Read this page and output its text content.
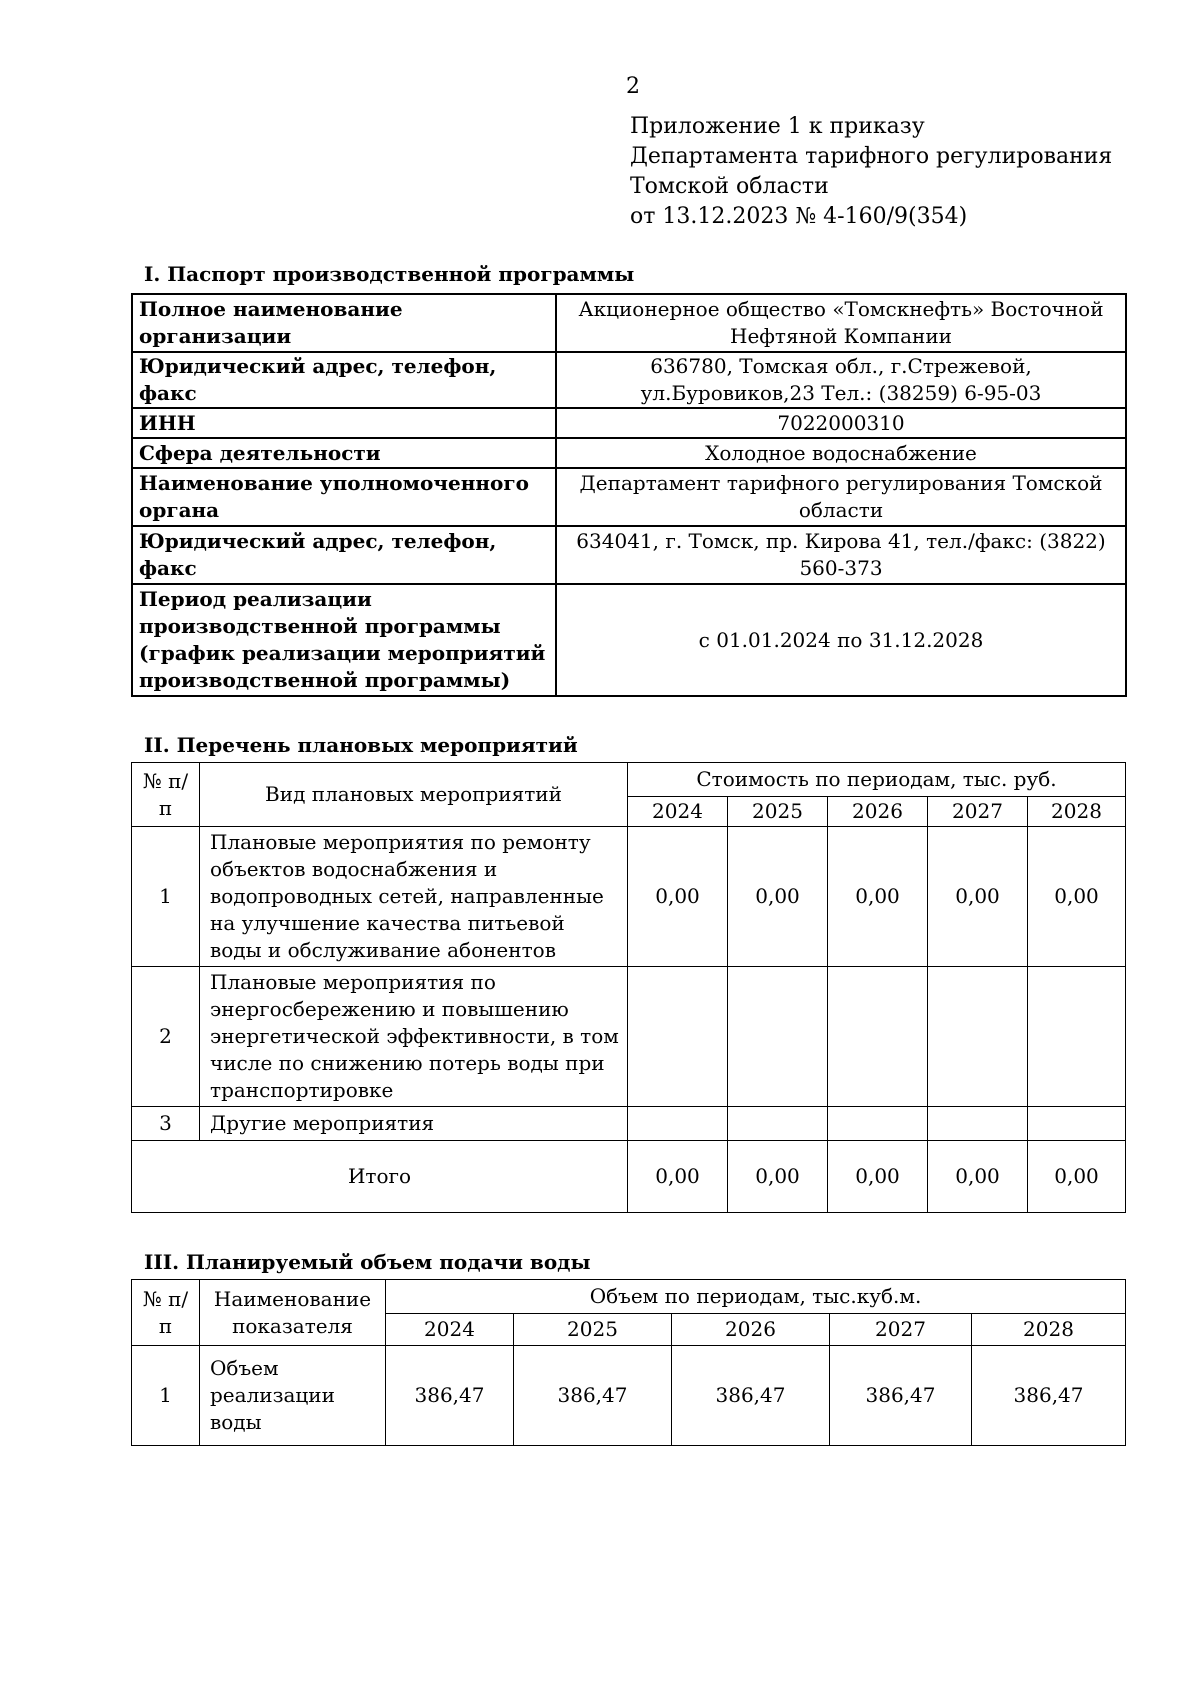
2
Приложение 1 к приказу
Департамента тарифного регулирования
Томской области
от 13.12.2023 № 4-160/9(354)
I. Паспорт производственной программы
Полное наименование организации	Акционерное общество «Томскнефть» Восточной Нефтяной Компании
Юридический адрес, телефон, факс	636780, Томская обл., г.Стрежевой, ул.Буровиков,23 Тел.: (38259) 6-95-03
ИНН	7022000310
Сфера деятельности	Холодное водоснабжение
Наименование уполномоченного органа	Департамент тарифного регулирования Томской области
Юридический адрес, телефон, факс	634041, г. Томск, пр. Кирова 41, тел./факс: (3822) 560-373
Период реализации производственной программы (график реализации мероприятий производственной программы)	с 01.01.2024 по 31.12.2028
II. Перечень плановых мероприятий
№ п/п	Вид плановых мероприятий	Стоимость по периодам, тыс. руб.				
		2024	2025	2026	2027	2028
1	Плановые мероприятия по ремонту объектов водоснабжения и водопроводных сетей, направленные на улучшение качества питьевой воды и обслуживание абонентов	0,00	0,00	0,00	0,00	0,00
2	Плановые мероприятия по энергосбережению и повышению энергетической эффективности, в том числе по снижению потерь воды при транспортировке					
3	Другие мероприятия					
Итого		0,00	0,00	0,00	0,00	0,00
III. Планируемый объем подачи воды
№ п/п	Наименование показателя	Объем по периодам, тыс.куб.м.				
		2024	2025	2026	2027	2028
1	Объем реализации воды	386,47	386,47	386,47	386,47	386,47
